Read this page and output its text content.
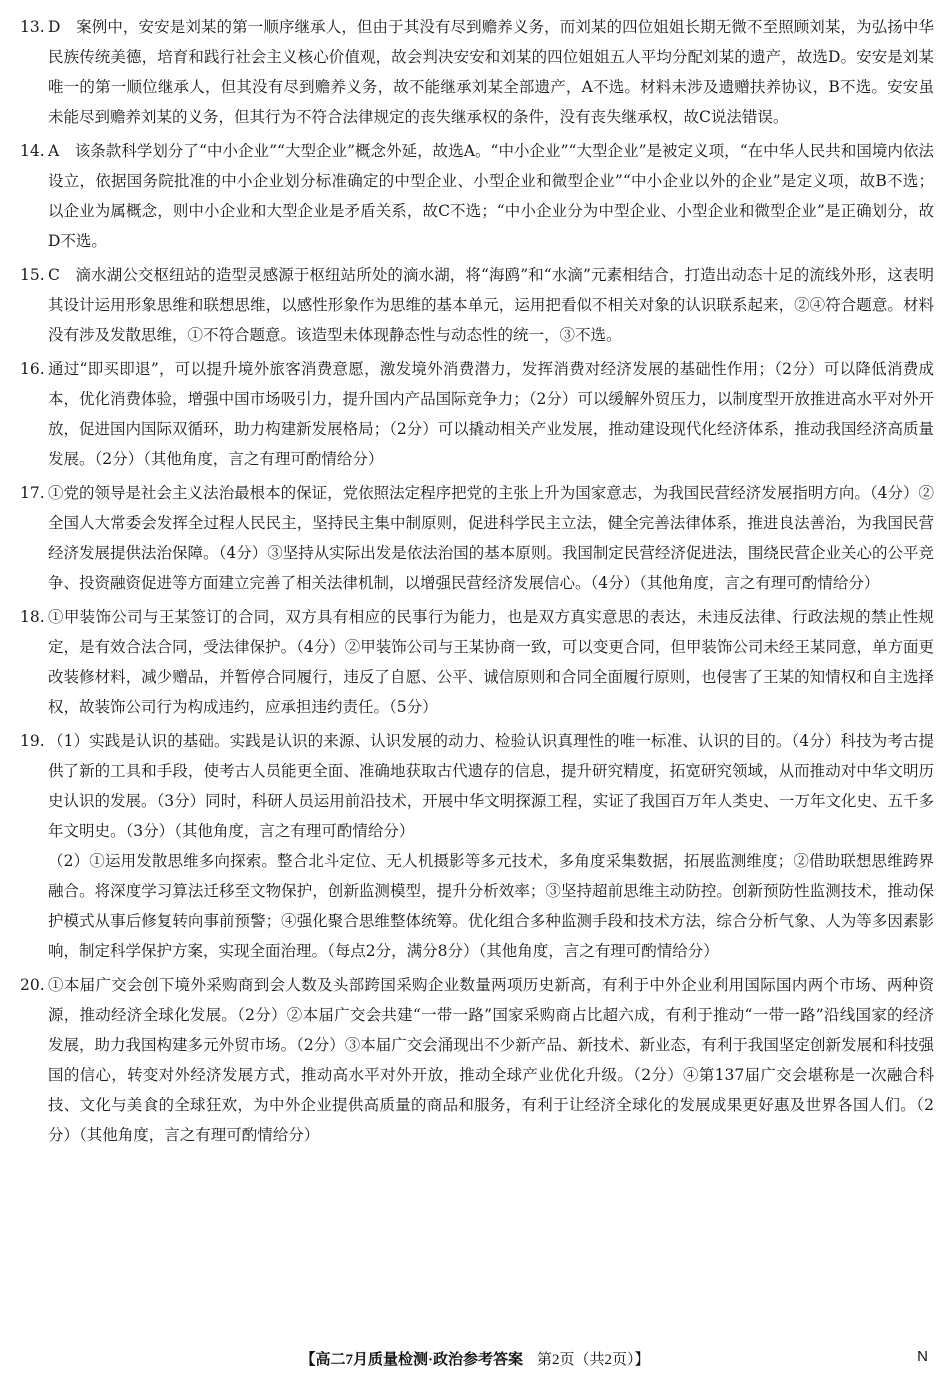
13. D　案例中，安安是刘某的第一顺序继承人，但由于其没有尽到赡养义务，而刘某的四位姐姐长期无微不至照顾刘某，为弘扬中华民族传统美德，培育和践行社会主义核心价值观，故会判决安安和刘某的四位姐姐五人平均分配刘某的遗产，故选D。安安是刘某唯一的第一顺位继承人，但其没有尽到赡养义务，故不能继承刘某全部遗产，A不选。材料未涉及遗赠扶养协议，B不选。安安虽未能尽到赡养刘某的义务，但其行为不符合法律规定的丧失继承权的条件，没有丧失继承权，故C说法错误。

14. A　该条款科学划分了“中小企业”“大型企业”概念外延，故选A。“中小企业”“大型企业”是被定义项，“在中华人民共和国境内依法设立，依据国务院批准的中小企业划分标准确定的中型企业、小型企业和微型企业”“中小企业以外的企业”是定义项，故B不选；以企业为属概念，则中小企业和大型企业是矛盾关系，故C不选；“中小企业分为中型企业、小型企业和微型企业”是正确划分，故D不选。

15. C　滴水湖公交枢纽站的造型灵感源于枢纽站所处的滴水湖，将“海鸥”和“水滴”元素相结合，打造出动态十足的流线外形，这表明其设计运用形象思维和联想思维，以感性形象作为思维的基本单元，运用把看似不相关对象的认识联系起来，②④符合题意。材料没有涉及发散思维，①不符合题意。该造型未体现静态性与动态性的统一，③不选。

16. 通过“即买即退”，可以提升境外旅客消费意愿，激发境外消费潜力，发挥消费对经济发展的基础性作用；（2分）可以降低消费成本，优化消费体验，增强中国市场吸引力，提升国内产品国际竞争力；（2分）可以缓解外贸压力，以制度型开放推进高水平对外开放，促进国内国际双循环，助力构建新发展格局；（2分）可以撬动相关产业发展，推动建设现代化经济体系，推动我国经济高质量发展。（2分）（其他角度，言之有理可酌情给分）

17. ①党的领导是社会主义法治最根本的保证，党依照法定程序把党的主张上升为国家意志，为我国民营经济发展指明方向。（4分）②全国人大常委会发挥全过程人民民主，坚持民主集中制原则，促进科学民主立法，健全完善法律体系，推进良法善治，为我国民营经济发展提供法治保障。（4分）③坚持从实际出发是依法治国的基本原则。我国制定民营经济促进法，围绕民营企业关心的公平竞争、投资融资促进等方面建立完善了相关法律机制，以增强民营经济发展信心。（4分）（其他角度，言之有理可酌情给分）

18. ①甲装饰公司与王某签订的合同，双方具有相应的民事行为能力，也是双方真实意思的表达，未违反法律、行政法规的禁止性规定，是有效合法合同，受法律保护。（4分）②甲装饰公司与王某协商一致，可以变更合同，但甲装饰公司未经王某同意，单方面更改装修材料，减少赠品，并暂停合同履行，违反了自愿、公平、诚信原则和合同全面履行原则，也侵害了王某的知情权和自主选择权，故装饰公司行为构成违约，应承担违约责任。（5分）

19. （1）实践是认识的基础。实践是认识的来源、认识发展的动力、检验认识真理性的唯一标准、认识的目的。（4分）科技为考古提供了新的工具和手段，使考古人员能更全面、准确地获取古代遗存的信息，提升研究精度，拓宽研究领域，从而推动对中华文明历史认识的发展。（3分）同时，科研人员运用前沿技术，开展中华文明探源工程，实证了我国百万年人类史、一万年文化史、五千多年文明史。（3分）（其他角度，言之有理可酌情给分）

（2）①运用发散思维多向探索。整合北斗定位、无人机摄影等多元技术，多角度采集数据，拓展监测维度；②借助联想思维跨界融合。将深度学习算法迁移至文物保护，创新监测模型，提升分析效率；③坚持超前思维主动防控。创新预防性监测技术，推动保护模式从事后修复转向事前预警；④强化聚合思维整体统筹。优化组合多种监测手段和技术方法，综合分析气象、人为等多因素影响，制定科学保护方案，实现全面治理。（每点2分，满分8分）（其他角度，言之有理可酌情给分）

20. ①本届广交会创下境外采购商到会人数及头部跨国采购企业数量两项历史新高，有利于中外企业利用国际国内两个市场、两种资源，推动经济全球化发展。（2分）②本届广交会共建“一带一路”国家采购商占比超六成，有利于推动“一带一路”沿线国家的经济发展，助力我国构建多元外贸市场。（2分）③本届广交会涌现出不少新产品、新技术、新业态，有利于我国坚定创新发展和科技强国的信心，转变对外经济发展方式，推动高水平对外开放，推动全球产业优化升级。（2分）④第137届广交会堪称是一次融合科技、文化与美食的全球狂欢，为中外企业提供高质量的商品和服务，有利于让经济全球化的发展成果更好惠及世界各国人们。（2分）（其他角度，言之有理可酌情给分）

【高二7月质量检测·政治参考答案 第2页（共2页）】	N
